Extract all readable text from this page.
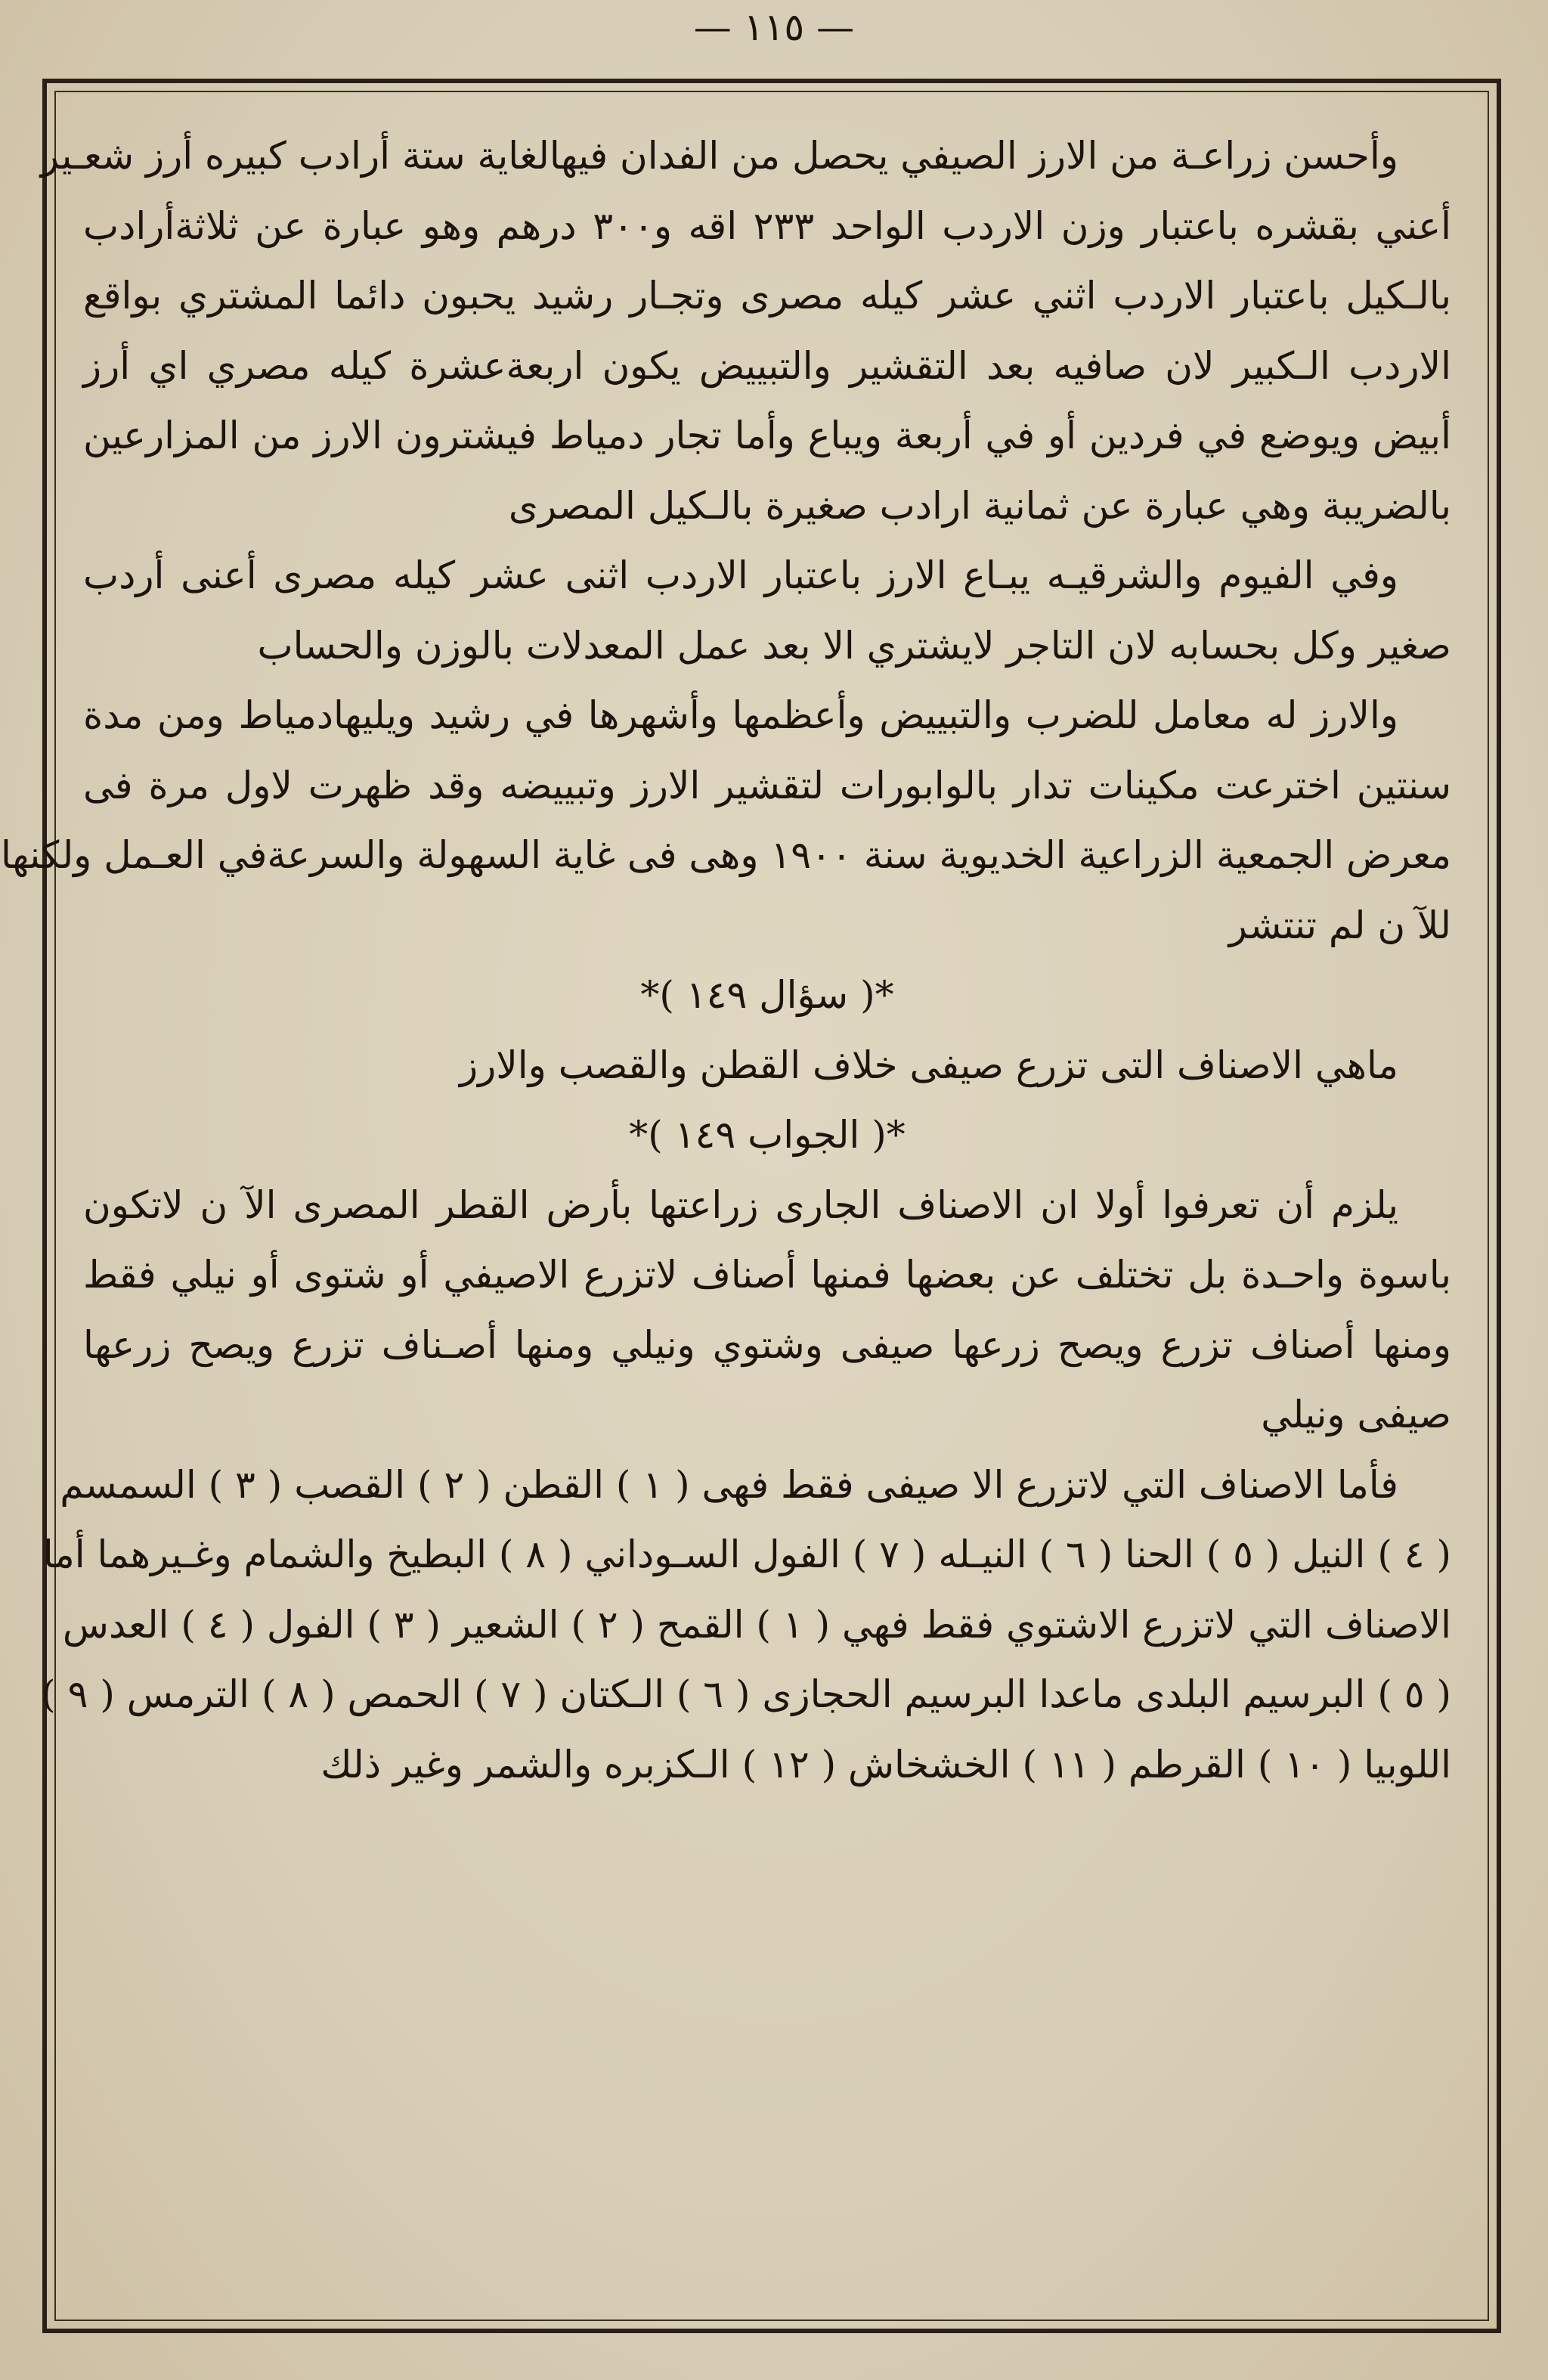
— ١١٥ —
وأحسن زراعـة من الارز الصيفي يحصل من الفدان فيهالغاية ستة أرادب كبيره أرز شعـير
أعني بقشره باعتبار وزن الاردب الواحد ٢٣٣ اقه و٣٠٠ درهم وهو عبارة عن ثلاثةأرادب
بالـكيل باعتبار الاردب اثني عشر كيله مصرى وتجـار رشيد يحبون دائما المشتري بواقع
الاردب الـكبير لان صافيه بعد التقشير والتبييض يكون اربعةعشرة كيله مصري اي أرز
أبيض ويوضع في فردين أو في أربعة ويباع وأما تجار دمياط فيشترون الارز من المزارعين
بالضريبة وهي عبارة عن ثمانية ارادب صغيرة بالـكيل المصرى
وفي الفيوم والشرقيـه يبـاع الارز باعتبار الاردب اثنى عشر كيله مصرى أعنى أردب
صغير وكل بحسابه لان التاجر لايشتري الا بعد عمل المعدلات بالوزن والحساب
والارز له معامل للضرب والتبييض وأعظمها وأشهرها في رشيد ويليهادمياط ومن مدة
سنتين اخترعت مكينات تدار بالوابورات لتقشير الارز وتبييضه وقد ظهرت لاول مرة فى
معرض الجمعية الزراعية الخديوية سنة ١٩٠٠ وهى فى غاية السهولة والسرعةفي العـمل ولكنها
للآ ن لم تنتشر
*( سؤال ١٤٩ )*
ماهي الاصناف التى تزرع صيفى خلاف القطن والقصب والارز
*( الجواب ١٤٩ )*
يلزم أن تعرفوا أولا ان الاصناف الجارى زراعتها بأرض القطر المصرى الآ ن لاتكون
باسوة واحـدة بل تختلف عن بعضها فمنها أصناف لاتزرع الاصيفي أو شتوى أو نيلي فقط
ومنها أصناف تزرع ويصح زرعها صيفى وشتوي ونيلي ومنها أصـناف تزرع ويصح زرعها
صيفى ونيلي
فأما الاصناف التي لاتزرع الا صيفى فقط فهى ( ١ ) القطن ( ٢ ) القصب ( ٣ ) السمسم
( ٤ ) النيل ( ٥ ) الحنا ( ٦ ) النيـله ( ٧ ) الفول السـوداني ( ٨ ) البطيخ والشمام وغـيرهما أما
الاصناف التي لاتزرع الاشتوي فقط فهي ( ١ ) القمح ( ٢ ) الشعير ( ٣ ) الفول ( ٤ ) العدس
( ٥ ) البرسيم البلدى ماعدا البرسيم الحجازى ( ٦ ) الـكتان ( ٧ ) الحمص ( ٨ ) الترمس ( ٩ )
اللوبيا ( ١٠ ) القرطم ( ١١ ) الخشخاش ( ١٢ ) الـكزبره والشمر وغير ذلك
